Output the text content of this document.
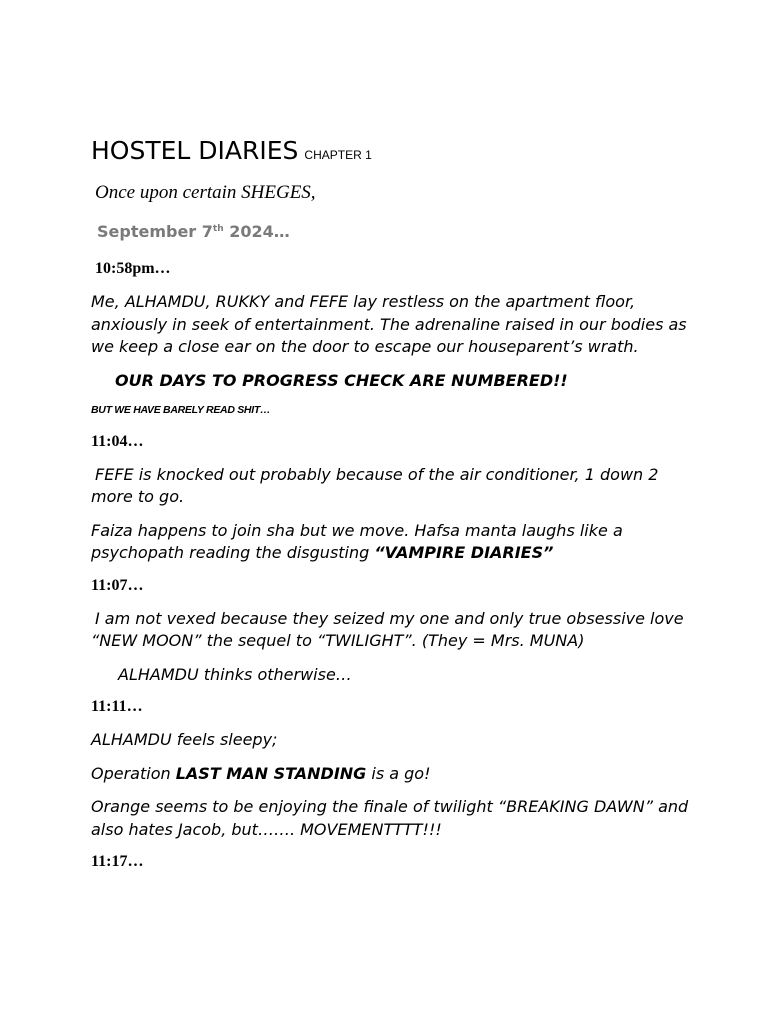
HOSTEL DIARIES CHAPTER 1
Once upon certain SHEGES,
September 7th 2024…
10:58pm…

Me, ALHAMDU, RUKKY and FEFE lay restless on the apartment floor, anxiously in seek of entertainment. The adrenaline raised in our bodies as we keep a close ear on the door to escape our houseparent’s wrath.

OUR DAYS TO PROGRESS CHECK ARE NUMBERED!!
BUT WE HAVE BARELY READ SHIT…
11:04…

FEFE is knocked out probably because of the air conditioner, 1 down 2 more to go.

Faiza happens to join sha but we move. Hafsa manta laughs like a psychopath reading the disgusting “VAMPIRE DIARIES”

11:07…

I am not vexed because they seized my one and only true obsessive love “NEW MOON” the sequel to “TWILIGHT”. (They = Mrs. MUNA)

ALHAMDU thinks otherwise…

11:11…

ALHAMDU feels sleepy;

Operation LAST MAN STANDING is a go!

Orange seems to be enjoying the finale of twilight “BREAKING DAWN” and also hates Jacob, but……. MOVEMENTTTT!!!

11:17…
